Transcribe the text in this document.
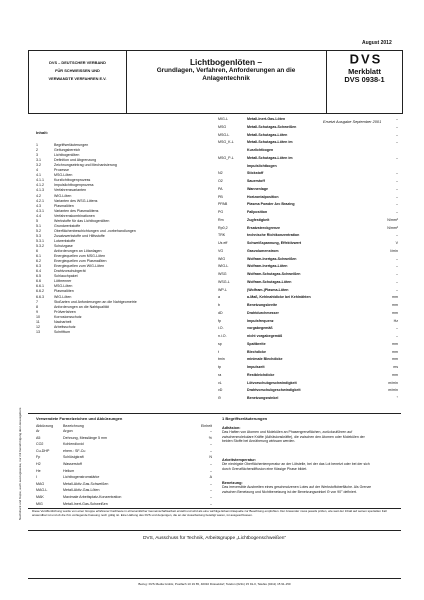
August 2012
DVS – DEUTSCHER VERBAND
FÜR SCHWEISSEN UND
VERWANDTE VERFAHREN E.V.
Lichtbogenlöten –
Grundlagen, Verfahren, Anforderungen an die
Anlagentechnik
DVS
Merkblatt
DVS 0938-1
Ersetzt Ausgabe September 2001
Nachdruck und Kopie, auch auszugsweise, nur mit Genehmigung des Herausgebers
Inhalt:
1	Begriffserläuterungen
2	Geltungsbereich
3	Lichtbogenlöten
3.1	Definition und Abgrenzung
3.2	Zeichnungseintrag und Mechanisierung
4	Prozesse
4.1	MSG-Löten
4.1.1	Kurzlichtbogenprozess
4.1.2	Impulslichtbogenprozess
4.1.3	Verfahrensvarianten
4.2	WIG-Löten
4.2.1	Varianten des WSG-Lötens
4.3	Plasmalöten
4.3.1	Varianten des Plasmalötens
4.4	Verfahrenskombinationen
5	Werkstoffe für das Lichtbogenlöten
5.1	Grundwerkstoffe
5.2	Oberflächenbeschichtungen und -vorbehandlungen
5.3	Zusatzwerkstoffe und Hilfsstoffe
5.3.1	Lotwerkstoffe
5.3.2	Schutzgase
6	Anforderungen an Lötanlagen
6.1	Energiequellen zum MSG-Löten
6.2	Energiequellen zum Plasmalöten
6.3	Energiequellen zum WIG-Löten
6.4	Drahtvorschubgerät
6.5	Schlauchpaket
6.6	Lötbrenner
6.6.1	MSG-Löten
6.6.2	Plasmalöten
6.6.3	WIG-Löten
7	Stoßarten und Anforderungen an die Nahtgeometrie
8	Anforderungen an die Nahtqualität
9	Prüfverfahren
10	Korrosionsschutz
11	Nacharbeit
12	Arbeitsschutz
13	Schrifttum
MIG-L	Metall-Inert-Gas-Löten	–
MSG	Metall-Schutzgas-Schweißen	–
MSG-L	Metall-Schutzgas-Löten	–
MSG_K-L	Metall-Schutzgas-Löten im	–
Kurzlichtbogen
MSG_P-L	Metall-Schutzgas-Löten im	–
Impulslichtbogen
N2	Stickstoff	–
O2	Sauerstoff	–
PA	Wannenlage	–
PB	Horizontalposition	–
PPAB	Plasma Powder Arc Brazing	–
PG	Fallposition	–
Rm	Zugfestigkeit	N/mm²
Rp0,2	Ersatzstreckgrenze	N/mm²
TRK	technische Richtkonzentration	–
Us eff	Schweißspannung, Effektivwert	V
VG	Gasvolumenstrom	l/min
WIG	Wolfram-Inertgas-Schweißen	–
WIG-L	Wolfram-Inertgas-Löten	–
WSG	Wolfram-Schutzgas-Schweißen	–
WSG-L	Wolfram-Schutzgas-Löten	–
WP-L	(Wolfram-)Plasma-Löten	–
a	a-Maß, Kehlnahtdicke bei Kehlnähten	mm
b	Benetzungsbreite	mm
dD	Drahtdurchmesser	mm
fp	Impulsfrequenz	Hz
i.O.	vorgabegemäß	–
n.i.O.	nicht vorgabegemäß	–
sp	Spaltbreite	mm
t	Blechdicke	mm
tmin	minimale Blechdicke	mm
tp	Impulszeit	ms
ra	Restbleichdicke	mm
vL	Lötvorschubgeschwindigkeit	m/min
vD	Drahtvorschubgeschwindigkeit	m/min
Θ	Benetzungswinkel	°
Verwendete Formelzeichen und Abkürzungen
Abkürzung	Bezeichnung	Einheit
Ar	Argon	–
A5	Dehnung, Messlänge 5 mm	%
CO2	Kohlendioxid	–
Cu-DHP	ehem.: SF-Cu	–
Fp	Schlüsigkraft	N
H2	Wasserstoff	–
He	Helium	–
I	Lichtbogenstromstärke	A
MAG	Metall-Aktiv-Gas-Schweißen	–
MAG-L	Metall-Aktiv-Gas-Löten	–
MAK	Maximale Arbeitsplatz-Konzentration	–
MIG	Metall-Inert-Gas-Schweißen	–
1 Begriffserläuterungen
Adhäsion:
Das Haften von Atomen und Molekülen an Phasengrenzflächen, zurückzuführen auf zwischenmolekulare Kräfte (Adhäsionskräfte), die zwischen den Atomen oder Molekülen der beiden Stoffe bei Annäherung wirksam werden.
Arbeitstemperatur:
Die niedrigste Oberflächentemperatur an der Lötstelle, bei der das Lot benetzt oder bei der sich durch Grenzflächendiffusion eine flüssige Phase bildet.
Benetzung:
Das irreversible Ausbreiten eines geschmolzenen Lotes auf der Werkstoffoberfläche. Als Grenze zwischen Benetzung und Nichtbenetzung ist der Benetzungswinkel Θ von 90° definiert.
Diese Veröffentlichung wurde von einer Gruppe erfahrener Fachleute in ehrenamtlicher Gemeinschaftsarbeit erstellt und wird als eine wichtige Erkenntnisquelle zur Beachtung empfohlen. Der Anwender muss jeweils prüfen, wie weit der Inhalt auf seinen speziellen Fall anwendbar ist und ob die ihm vorliegende Fassung noch gültig ist. Eine Haftung des DVS und derjenigen, die an der Ausarbeitung beteiligt waren, ist ausgeschlossen.
DVS, Ausschuss für Technik, Arbeitsgruppe „Lichtbogenschweißen“
Bezug: DVS Media GmbH, Postfach 10 19 65, 40010 Düsseldorf, Telefon (0211) 15 91-0, Telefax (0211) 15 91-150
